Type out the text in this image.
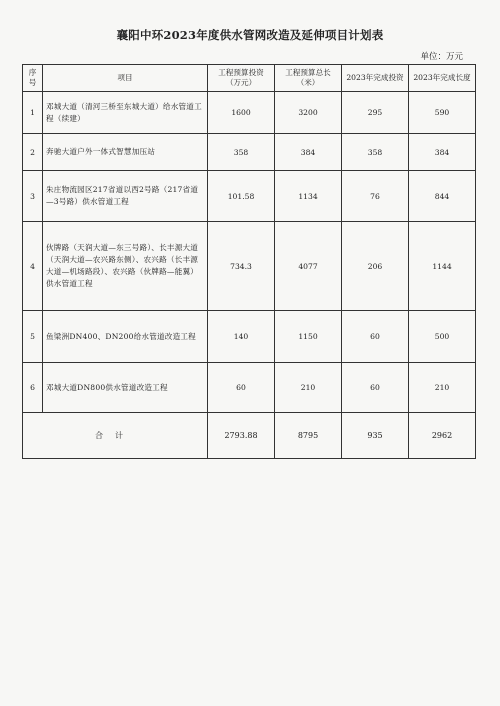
襄阳中环2023年度供水管网改造及延伸项目计划表
单位：万元
序号	项目	工程预算投资（万元）	工程预算总长（米）	2023年完成投资	2023年完成长度
1	邓城大道（清河三桥至东城大道）给水管道工程（续建）	1600	3200	295	590
2	奔驰大道户外一体式智慧加压站	358	384	358	384
3	朱庄物流园区217省道以西2号路（217省道—3号路）供水管道工程	101.58	1134	76	844
4	伙牌路（天润大道—东三号路）、长丰源大道（天润大道—农兴路东侧）、农兴路（长丰源大道—机场路段）、农兴路（伙牌路—能翼）供水管道工程	734.3	4077	206	1144
5	鱼梁洲DN400、DN200给水管道改造工程	140	1150	60	500
6	邓城大道DN800供水管道改造工程	60	210	60	210
合计		2793.88	8795	935	2962
